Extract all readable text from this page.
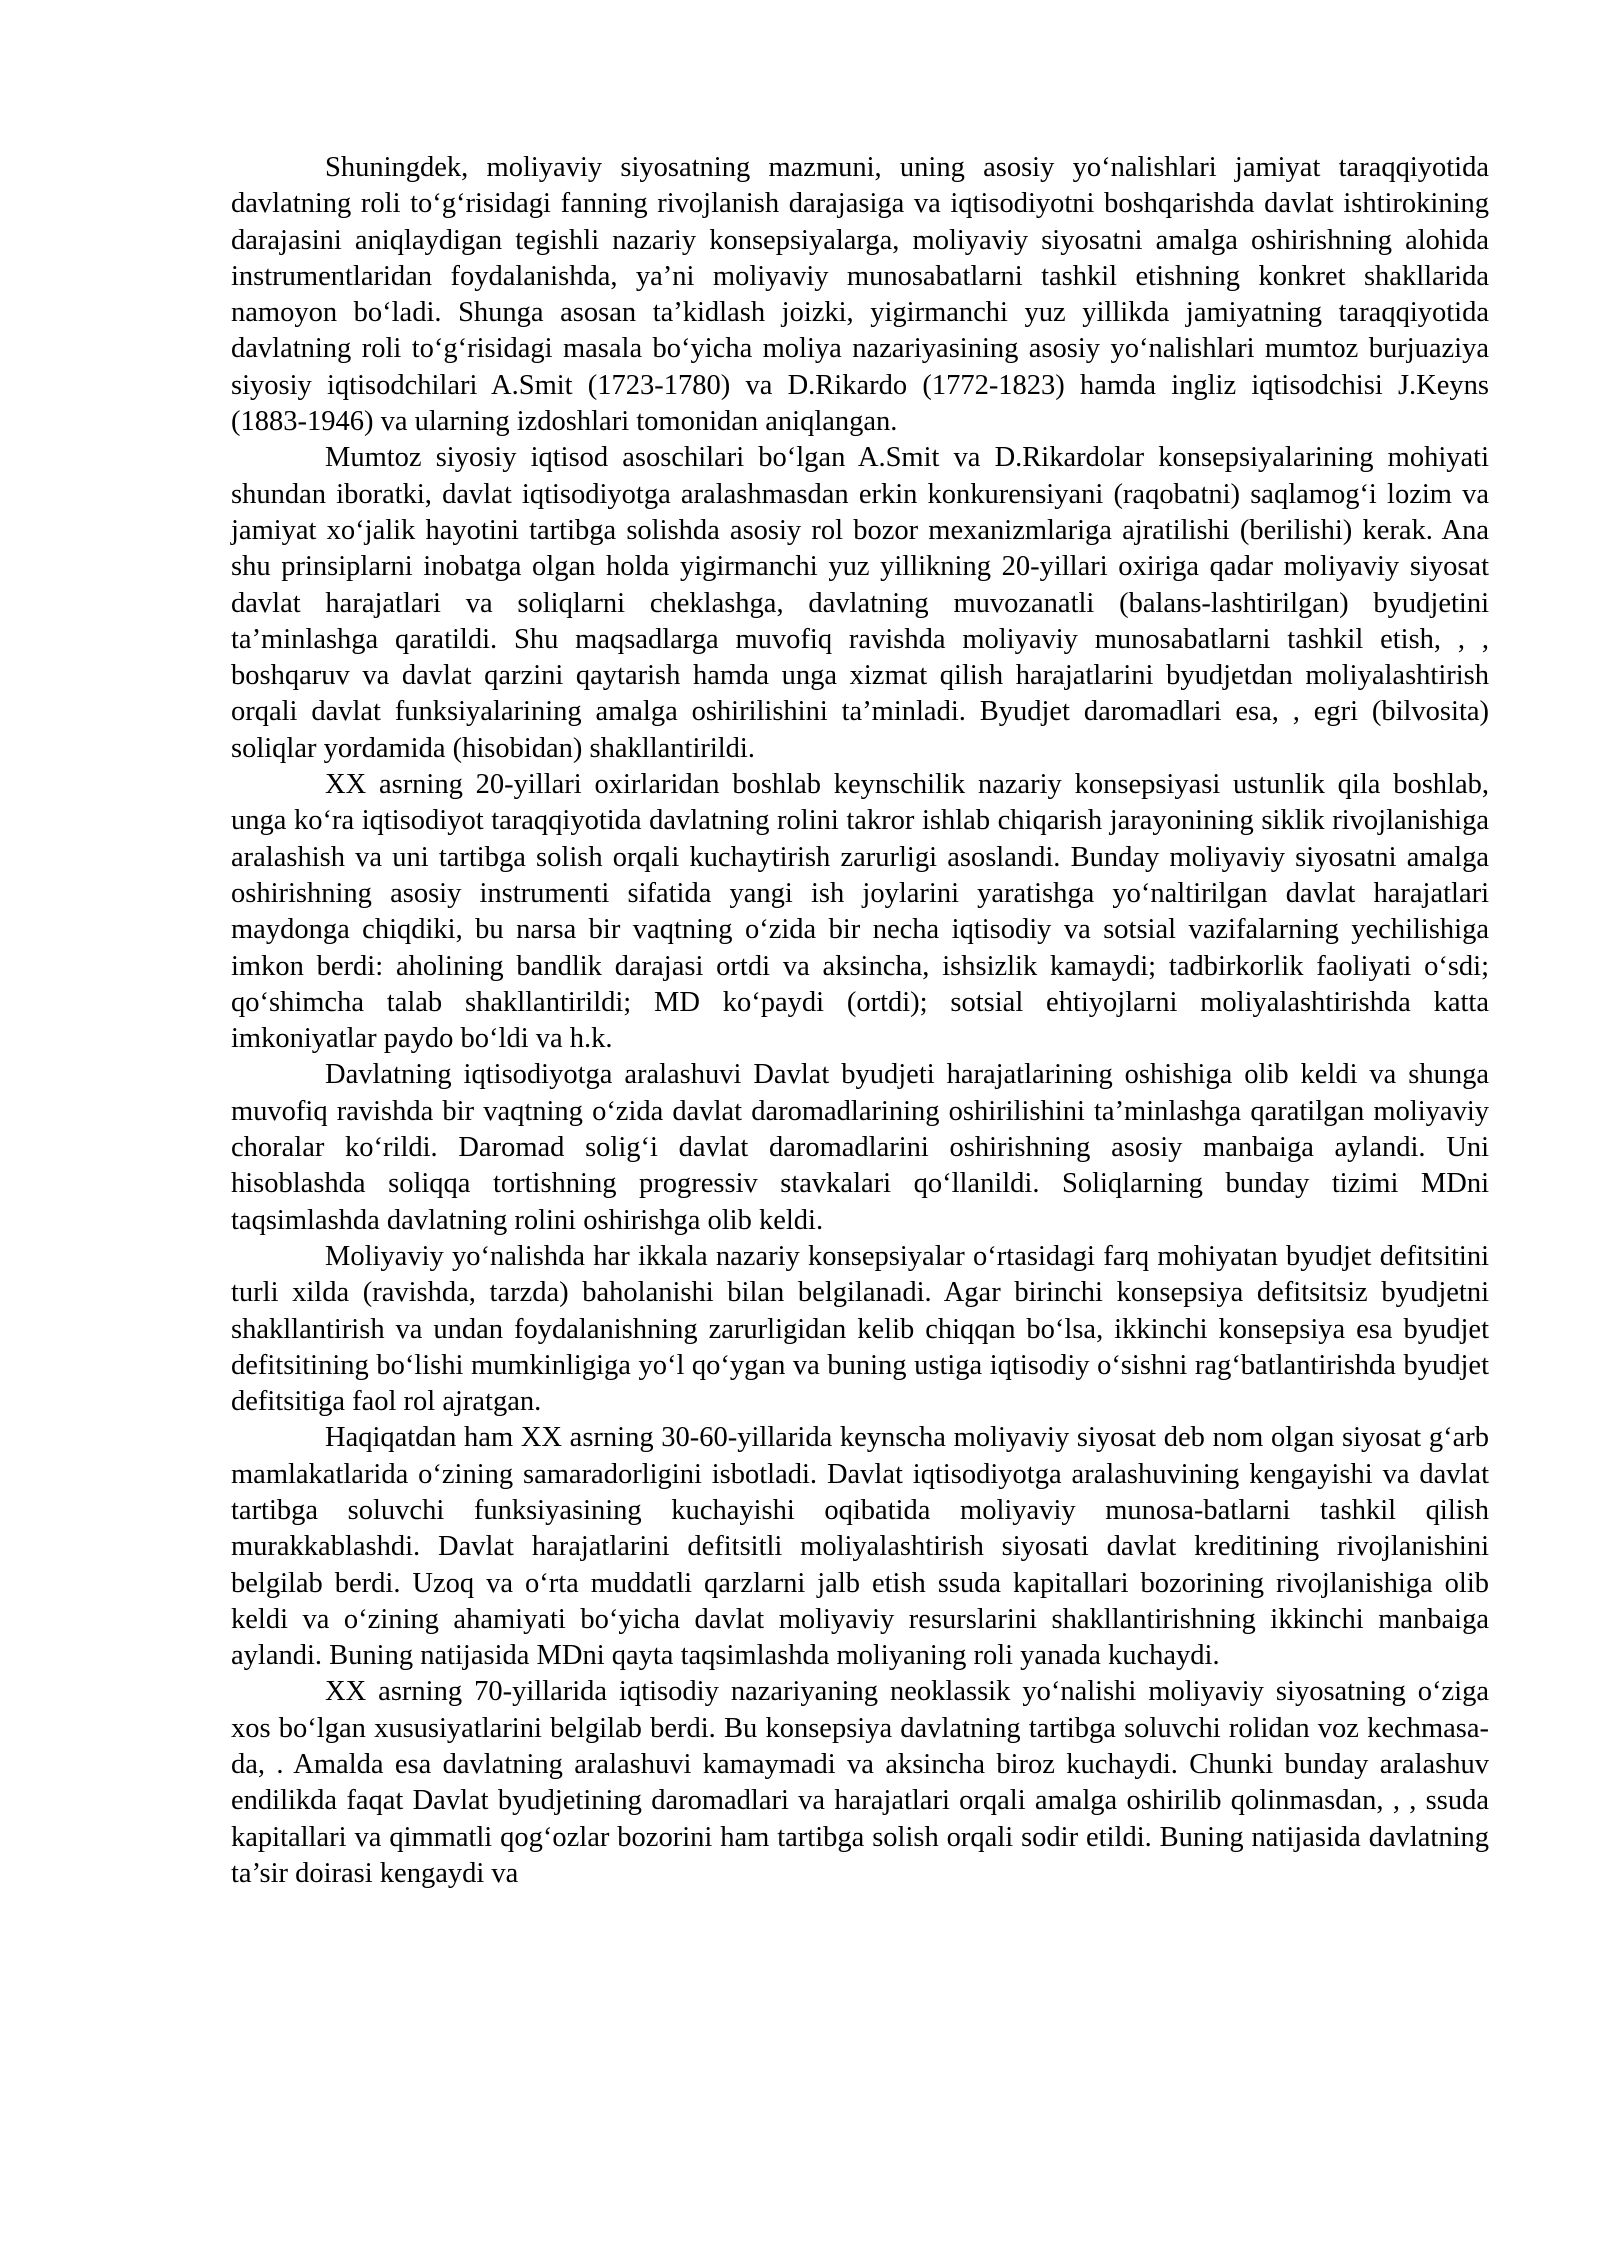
Shuningdek, moliyaviy siyosatning mazmuni, uning asosiy yo‘nalishlari jamiyat taraqqiyotida davlatning roli to‘g‘risidagi fanning rivojlanish darajasiga va iqtisodiyotni boshqarishda davlat ishtirokining darajasini aniqlaydigan tegishli nazariy konsepsiyalarga, moliyaviy siyosatni amalga oshirishning alohida instrumentlaridan foydalanishda, ya’ni moliyaviy munosabatlarni tashkil etishning konkret shakllarida namoyon bo‘ladi. Shunga asosan ta’kidlash joizki, yigirmanchi yuz yillikda jamiyatning taraqqiyotida davlatning roli to‘g‘risidagi masala bo‘yicha moliya nazariyasining asosiy yo‘nalishlari mumtoz burjuaziya siyosiy iqtisodchilari A.Smit (1723-1780) va D.Rikardo (1772-1823) hamda ingliz iqtisodchisi J.Keyns (1883-1946) va ularning izdoshlari tomonidan aniqlangan.

Mumtoz siyosiy iqtisod asoschilari bo‘lgan A.Smit va D.Rikardolar konsepsiyalarining mohiyati shundan iboratki, davlat iqtisodiyotga aralashmasdan erkin konkurensiyani (raqobatni) saqlamog‘i lozim va jamiyat xo‘jalik hayotini tartibga solishda asosiy rol bozor mexanizmlariga ajratilishi (berilishi) kerak. Ana shu prinsiplarni inobatga olgan holda yigirmanchi yuz yillikning 20-yillari oxiriga qadar moliyaviy siyosat davlat harajatlari va soliqlarni cheklashga, davlatning muvozanatli (balans-lashtirilgan) byudjetini ta’minlashga qaratildi. Shu maqsadlarga muvofiq ravishda moliyaviy munosabatlarni tashkil etish, , , boshqaruv va davlat qarzini qaytarish hamda unga xizmat qilish harajatlarini byudjetdan moliyalashtirish orqali davlat funksiyalarining amalga oshirilishini ta’minladi. Byudjet daromadlari esa, , egri (bilvosita) soliqlar yordamida (hisobidan) shakllantirildi.

XX asrning 20-yillari oxirlaridan boshlab keynschilik nazariy konsepsiyasi ustunlik qila boshlab, unga ko‘ra iqtisodiyot taraqqiyotida davlatning rolini takror ishlab chiqarish jarayonining siklik rivojlanishiga aralashish va uni tartibga solish orqali kuchaytirish zarurligi asoslandi. Bunday moliyaviy siyosatni amalga oshirishning asosiy instrumenti sifatida yangi ish joylarini yaratishga yo‘naltirilgan davlat harajatlari maydonga chiqdiki, bu narsa bir vaqtning o‘zida bir necha iqtisodiy va sotsial vazifalarning yechilishiga imkon berdi: aholining bandlik darajasi ortdi va aksincha, ishsizlik kamaydi; tadbirkorlik faoliyati o‘sdi; qo‘shimcha talab shakllantirildi; MD ko‘paydi (ortdi); sotsial ehtiyojlarni moliyalashtirishda katta imkoniyatlar paydo bo‘ldi va h.k.

Davlatning iqtisodiyotga aralashuvi Davlat byudjeti harajatlarining oshishiga olib keldi va shunga muvofiq ravishda bir vaqtning o‘zida davlat daromadlarining oshirilishini ta’minlashga qaratilgan moliyaviy choralar ko‘rildi. Daromad solig‘i davlat daromadlarini oshirishning asosiy manbaiga aylandi. Uni hisoblashda soliqqa tortishning progressiv stavkalari qo‘llanildi. Soliqlarning bunday tizimi MDni taqsimlashda davlatning rolini oshirishga olib keldi.

Moliyaviy yo‘nalishda har ikkala nazariy konsepsiyalar o‘rtasidagi farq mohiyatan byudjet defitsitini turli xilda (ravishda, tarzda) baholanishi bilan belgilanadi. Agar birinchi konsepsiya defitsitsiz byudjetni shakllantirish va undan foydalanishning zarurligidan kelib chiqqan bo‘lsa, ikkinchi konsepsiya esa byudjet defitsitining bo‘lishi mumkinligiga yo‘l qo‘ygan va buning ustiga iqtisodiy o‘sishni rag‘batlantirishda byudjet defitsitiga faol rol ajratgan.

Haqiqatdan ham XX asrning 30-60-yillarida keynscha moliyaviy siyosat deb nom olgan siyosat g‘arb mamlakatlarida o‘zining samaradorligini isbotladi. Davlat iqtisodiyotga aralashuvining kengayishi va davlat tartibga soluvchi funksiyasining kuchayishi oqibatida moliyaviy munosa-batlarni tashkil qilish murakkablashdi. Davlat harajatlarini defitsitli moliyalashtirish siyosati davlat kreditining rivojlanishini belgilab berdi. Uzoq va o‘rta muddatli qarzlarni jalb etish ssuda kapitallari bozorining rivojlanishiga olib keldi va o‘zining ahamiyati bo‘yicha davlat moliyaviy resurslarini shakllantirishning ikkinchi manbaiga aylandi. Buning natijasida MDni qayta taqsimlashda moliyaning roli yanada kuchaydi.

XX asrning 70-yillarida iqtisodiy nazariyaning neoklassik yo‘nalishi moliyaviy siyosatning o‘ziga xos bo‘lgan xususiyatlarini belgilab berdi. Bu konsepsiya davlatning tartibga soluvchi rolidan voz kechmasa-da, . Amalda esa davlatning aralashuvi kamaymadi va aksincha biroz kuchaydi. Chunki bunday aralashuv endilikda faqat Davlat byudjetining daromadlari va harajatlari orqali amalga oshirilib qolinmasdan, , , ssuda kapitallari va qimmatli qog‘ozlar bozorini ham tartibga solish orqali sodir etildi. Buning natijasida davlatning ta’sir doirasi kengaydi va
